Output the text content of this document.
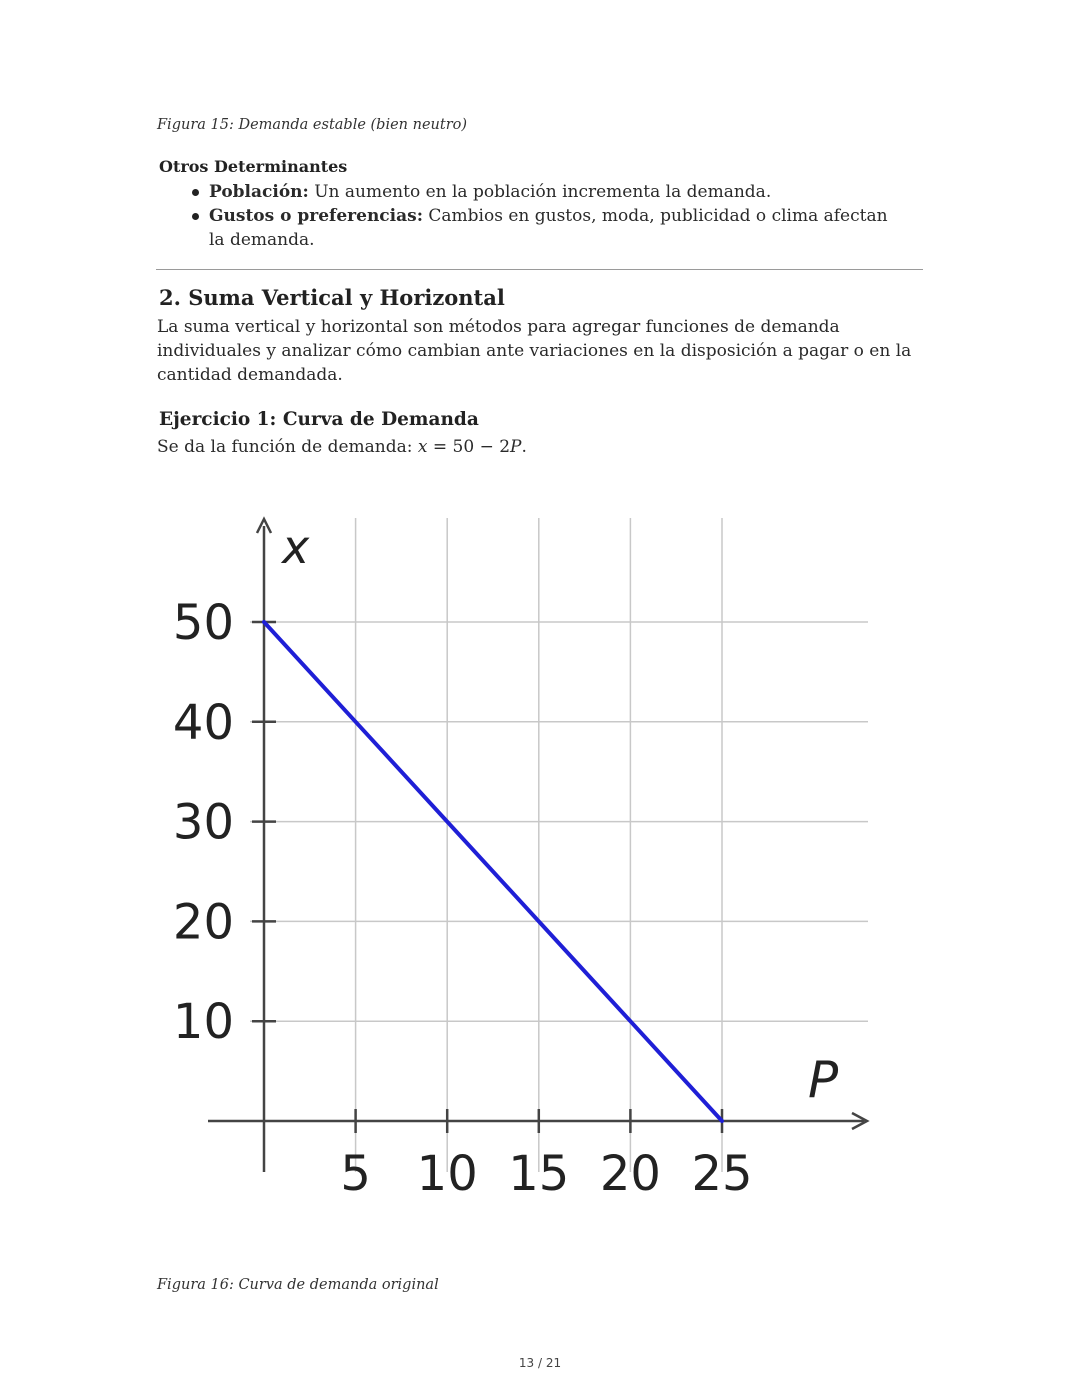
Figura 15: Demanda estable (bien neutro)
Otros Determinantes
Población: Un aumento en la población incrementa la demanda.
Gustos o preferencias: Cambios en gustos, moda, publicidad o clima afectan la demanda.
2. Suma Vertical y Horizontal
La suma vertical y horizontal son métodos para agregar funciones de demanda individuales y analizar cómo cambian ante variaciones en la disposición a pagar o en la cantidad demandada.
Ejercicio 1: Curva de Demanda
Se da la función de demanda: x = 50 − 2P.
5 10 15 20 25
10
20
30
40
50
x
P
Figura 16: Curva de demanda original
13 / 21
